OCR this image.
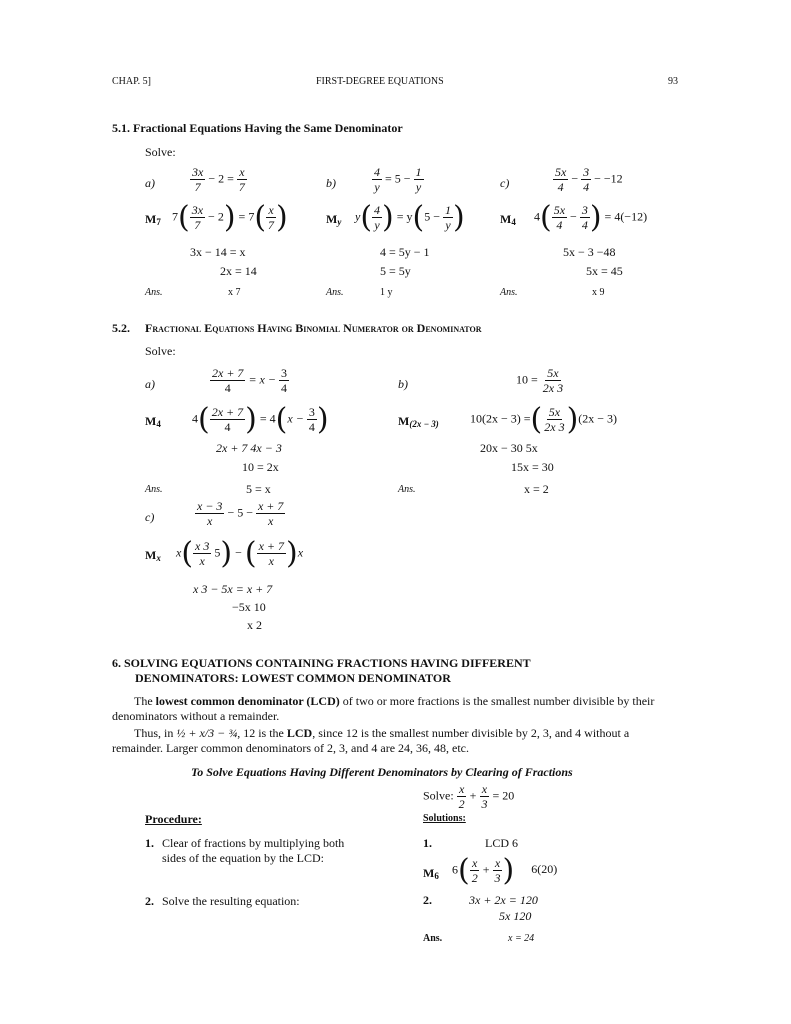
CHAP. 5]	FIRST-DEGREE EQUATIONS	93
5.1. Fractional Equations Having the Same Denominator
Solve:
a)	$\frac{3x}{7} - 2 = \frac{x}{7}$
$M_7$ $7( \frac{3x}{7} - 2) = 7( \frac{x}{7}$ )
3x − 14 = x
2x = 14
Ans.	x 7
b)	$\frac{4}{y} = 5 - \frac{1}{y}$
$M_y$ $y( \frac{4}{y}$ ) = $y(5 - \frac{1}{y}$ )
4 = 5y − 1
5 = 5y
Ans.	1 y
c)	$\frac{5x}{4} - \frac{3}{4} - -12$
$M_4$ $4( \frac{5x}{4} - \frac{3}{4}$ ) = 4(−12)
5x − 3 −48
5x = 45
Ans.	x 9
5.2. Fractional Equations Having Binomial Numerator or Denominator
Solve:
a)	$\frac{2x + 7}{4} = x - \frac{3}{4}$
$M_4$	$4( \frac{2x + 7}{4}$ ) = $4(x - \frac{3}{4}$ )
2x + 7 4x − 3
10 = 2x
Ans.	5 = x
b)	$10 = \frac{5x}{2x 3}$
$M_{(2x - 3)}$	10(2x − 3) =( $\frac{5x}{2x 3} )(2x - 3)$
20x − 30 5x
15x = 30
Ans.	x = 2
c)	$\frac{x - 3}{x} - 5 - \frac{x + 7}{x}$
$M_x$ $x( \frac{x 3}{x} 5)$ − ( $\frac{x + 7}{x} )x$
x 3 − 5x = x + 7
−5x 10
x 2
6. SOLVING EQUATIONS CONTAINING FRACTIONS HAVING DIFFERENT
DENOMINATORS: LOWEST COMMON DENOMINATOR
The lowest common denominator (LCD) of two or more fractions is the smallest number divisible by their denominators without a remainder.
Thus, in ½ + x/3 − ¾, 12 is the LCD, since 12 is the smallest number divisible by 2, 3, and 4 without a remainder. Larger common denominators of 2, 3, and 4 are 24, 36, 48, etc.
To Solve Equations Having Different Denominators by Clearing of Fractions
Solve: $\frac{x}{2} + \frac{x}{3} = 20$
Procedure:	Solutions:
1. Clear of fractions by multiplying both
sides of the equation by the LCD:
1.	LCD 6
$M_6$ $6( \frac{x}{2} + \frac{x}{3}$ ) 6(20)
2. Solve the resulting equation:	2.	3x + 2x = 120
5x 120
Ans.	x = 24
